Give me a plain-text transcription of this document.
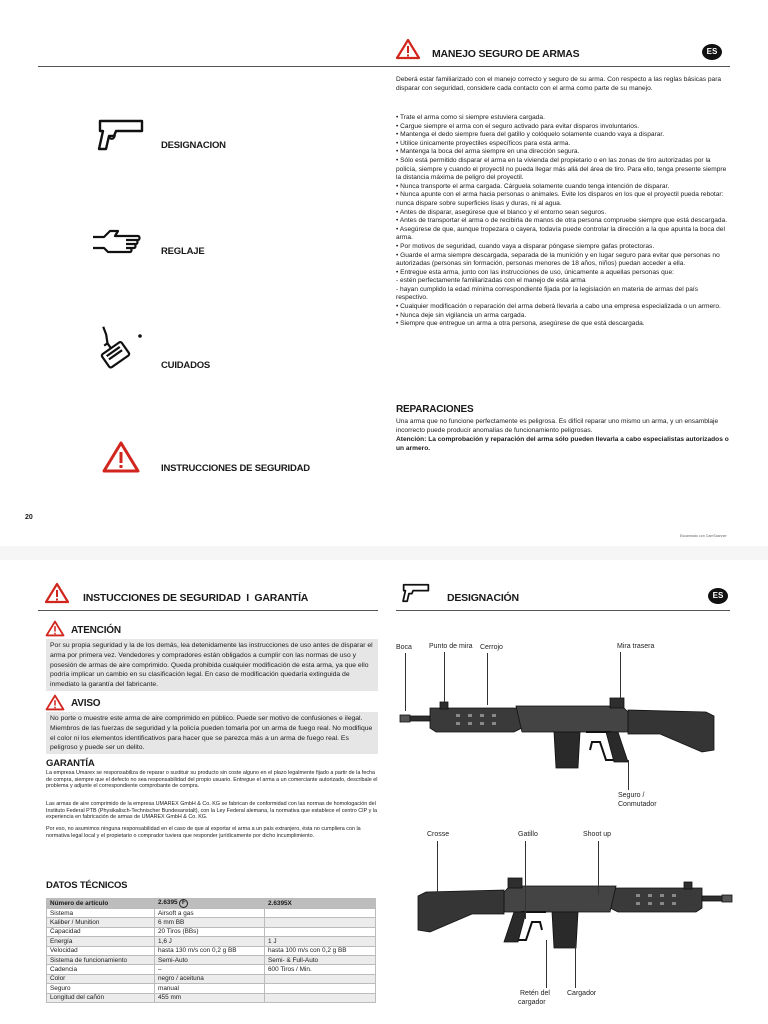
MANEJO SEGURO DE ARMAS	ES
DESIGNACION
REGLAJE
CUIDADOS
INSTRUCCIONES DE SEGURIDAD
Deberá estar familiarizado con el manejo correcto y seguro de su arma. Con respecto a las reglas básicas para disparar con seguridad, considere cada contacto con el arma como parte de su manejo.
• Trate el arma como si siempre estuviera cargada.
• Cargue siempre el arma con el seguro activado para evitar disparos involuntarios.
• Mantenga el dedo siempre fuera del gatillo y colóquelo solamente cuando vaya a disparar.
• Utilice únicamente proyectiles específicos para esta arma.
• Mantenga la boca del arma siempre en una dirección segura.
• Sólo está permitido disparar el arma en la vivienda del propietario o en las zonas de tiro autorizadas por la policía, siempre y cuando el proyectil no pueda llegar más allá del área de tiro. Para ello, tenga presente siempre la distancia máxima de peligro del proyectil.
• Nunca transporte el arma cargada. Cárguela solamente cuando tenga intención de disparar.
• Nunca apunte con el arma hacia personas o animales. Evite los disparos en los que el proyectil pueda rebotar: nunca dispare sobre superficies lisas y duras, ni al agua.
• Antes de disparar, asegúrese que el blanco y el entorno sean seguros.
• Antes de transportar el arma o de recibirla de manos de otra persona compruebe siempre que está descargada.
• Asegúrese de que, aunque tropezara o cayera, todavía puede controlar la dirección a la que apunta la boca del arma.
• Por motivos de seguridad, cuando vaya a disparar póngase siempre gafas protectoras.
• Guarde el arma siempre descargada, separada de la munición y en lugar seguro para evitar que personas no autorizadas (personas sin formación, personas menores de 18 años, niños) puedan acceder a ella.
• Entregue esta arma, junto con las instrucciones de uso, únicamente a aquellas personas que:
- estén perfectamente familiarizadas con el manejo de esta arma
- hayan cumplido la edad mínima correspondiente fijada por la legislación en materia de armas del país respectivo.
• Cualquier modificación o reparación del arma deberá llevarla a cabo una empresa especializada o un armero.
• Nunca deje sin vigilancia un arma cargada.
• Siempre que entregue un arma a otra persona, asegúrese de que está descargada.
REPARACIONES
Una arma que no funcione perfectamente es peligrosa. Es difícil reparar uno mismo un arma, y un ensamblaje incorrecto puede producir anomalías de funcionamiento peligrosas.
Atención: La comprobación y reparación del arma sólo pueden llevarla a cabo especialistas autorizados o un armero.
20
Escaneado con CamScanner
INSTUCCIONES DE SEGURIDAD  I  GARANTÍA	DESIGNACIÓN	ES
ATENCIÓN
Por su propia seguridad y la de los demás, lea detenidamente las instrucciones de uso antes de disparar el arma por primera vez. Vendedores y compradores están obligados a cumplir con las normas de uso y posesión de armas de aire comprimido. Queda prohibida cualquier modificación de esta arma, ya que ello podría implicar un cambio en su clasificación legal. En caso de modificación quedaría extinguida de inmediato la garantía del fabricante.
AVISO
No porte o muestre este arma de aire comprimido en público. Puede ser motivo de confusiones e ilegal. Miembros de las fuerzas de seguridad y la policía pueden tomarla por un arma de fuego real. No modifique el color ni los elementos identificativos para hacer que se parezca más a un arma de fuego real. Es peligroso y puede ser un delito.
GARANTÍA
La empresa Umarex se responsabiliza de reparar o sustituir su producto sin coste alguno en el plazo legalmente fijado a partir de la fecha de compra, siempre que el defecto no sea responsabilidad del propio usuario. Entregue el arma a un comerciante autorizado, describale el problema y adjunte el correspondiente comprobante de compra.
Las armas de aire comprimido de la empresa UMAREX GmbH & Co. KG se fabrican de conformidad con las normas de homologación del Instituto Federal PTB (Physikalisch-Technischer Bundesanstalt), con la Ley Federal alemana, la normativa que establece el centro CIP y la experiencia en fabricación de armas de UMAREX GmbH & Co. KG.
Por eso, no asumimos ninguna responsabilidad en el caso de que al exportar el arma a un país extranjero, ésta no cumpliera con la normativa legal local y el propietario o comprador tuviera que responder jurídicamente por dicho incumplimiento.
DATOS TÉCNICOS
Número de artículo	2.6395 F	2.6395X
Sistema	Airsoft a gas	
Kaliber / Munition	6 mm BB	
Capacidad	20 Tiros (BBs)	
Energía	1,6 J	1 J
Velocidad	hasta 130 m/s con 0,2 g BB	hasta 100 m/s con 0,2 g BB
Sistema de funcionamiento	Semi-Auto	Semi- & Full-Auto
Cadencia	–	600 Tiros / Min.
Color	negro / aceituna	
Seguro	manual	
Longitud del cañón	455 mm	
Boca Punto de mira Cerrojo	Mira trasera
Seguro /
Conmutador
Crosse	Gatillo	Shoot up
Retén del
cargador
Cargador
